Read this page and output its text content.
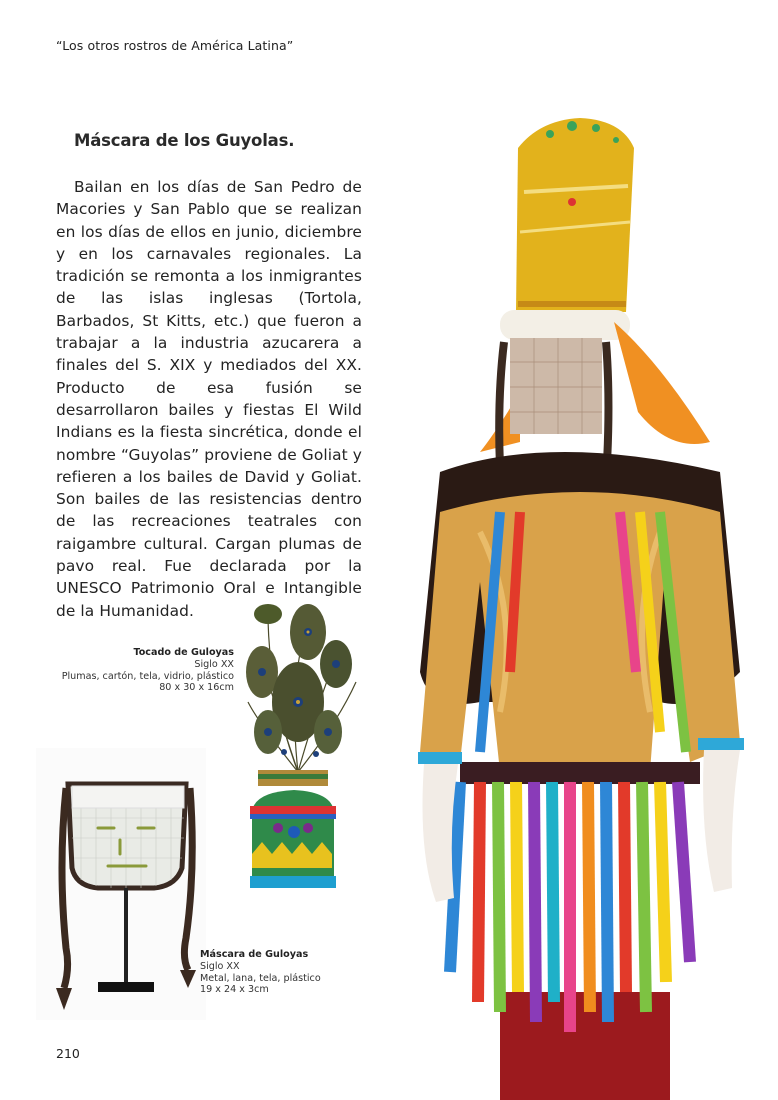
“Los otros rostros de América Latina”
Máscara de los Guyolas.

Bailan en los días de San Pedro de Macories y San Pablo que se realizan en los días de ellos en junio, diciembre y en los carnavales regionales. La tradición se remonta a los inmigrantes de las islas inglesas (Tortola, Barbados, St Kitts, etc.) que fueron a trabajar a la industria azucarera a finales del S. XIX y mediados del XX. Producto de esa fusión se desarrollaron bailes y fiestas El Wild Indians es la fiesta sincrética, donde el nombre “Guyolas” proviene de Goliat y refieren a los bailes de David y Goliat. Son bailes de las resistencias dentro de las recreaciones teatrales con raigambre cultural. Cargan plumas de pavo real. Fue declarada por la UNESCO Patrimonio Oral e Intangible de la Humanidad.

Tocado de Guloyas
Siglo XX
Plumas, cartón, tela, vidrio, plástico
80 x 30 x 16cm
Máscara de Guloyas
Siglo XX
Metal, lana, tela, plástico
19 x 24 x 3cm
210
